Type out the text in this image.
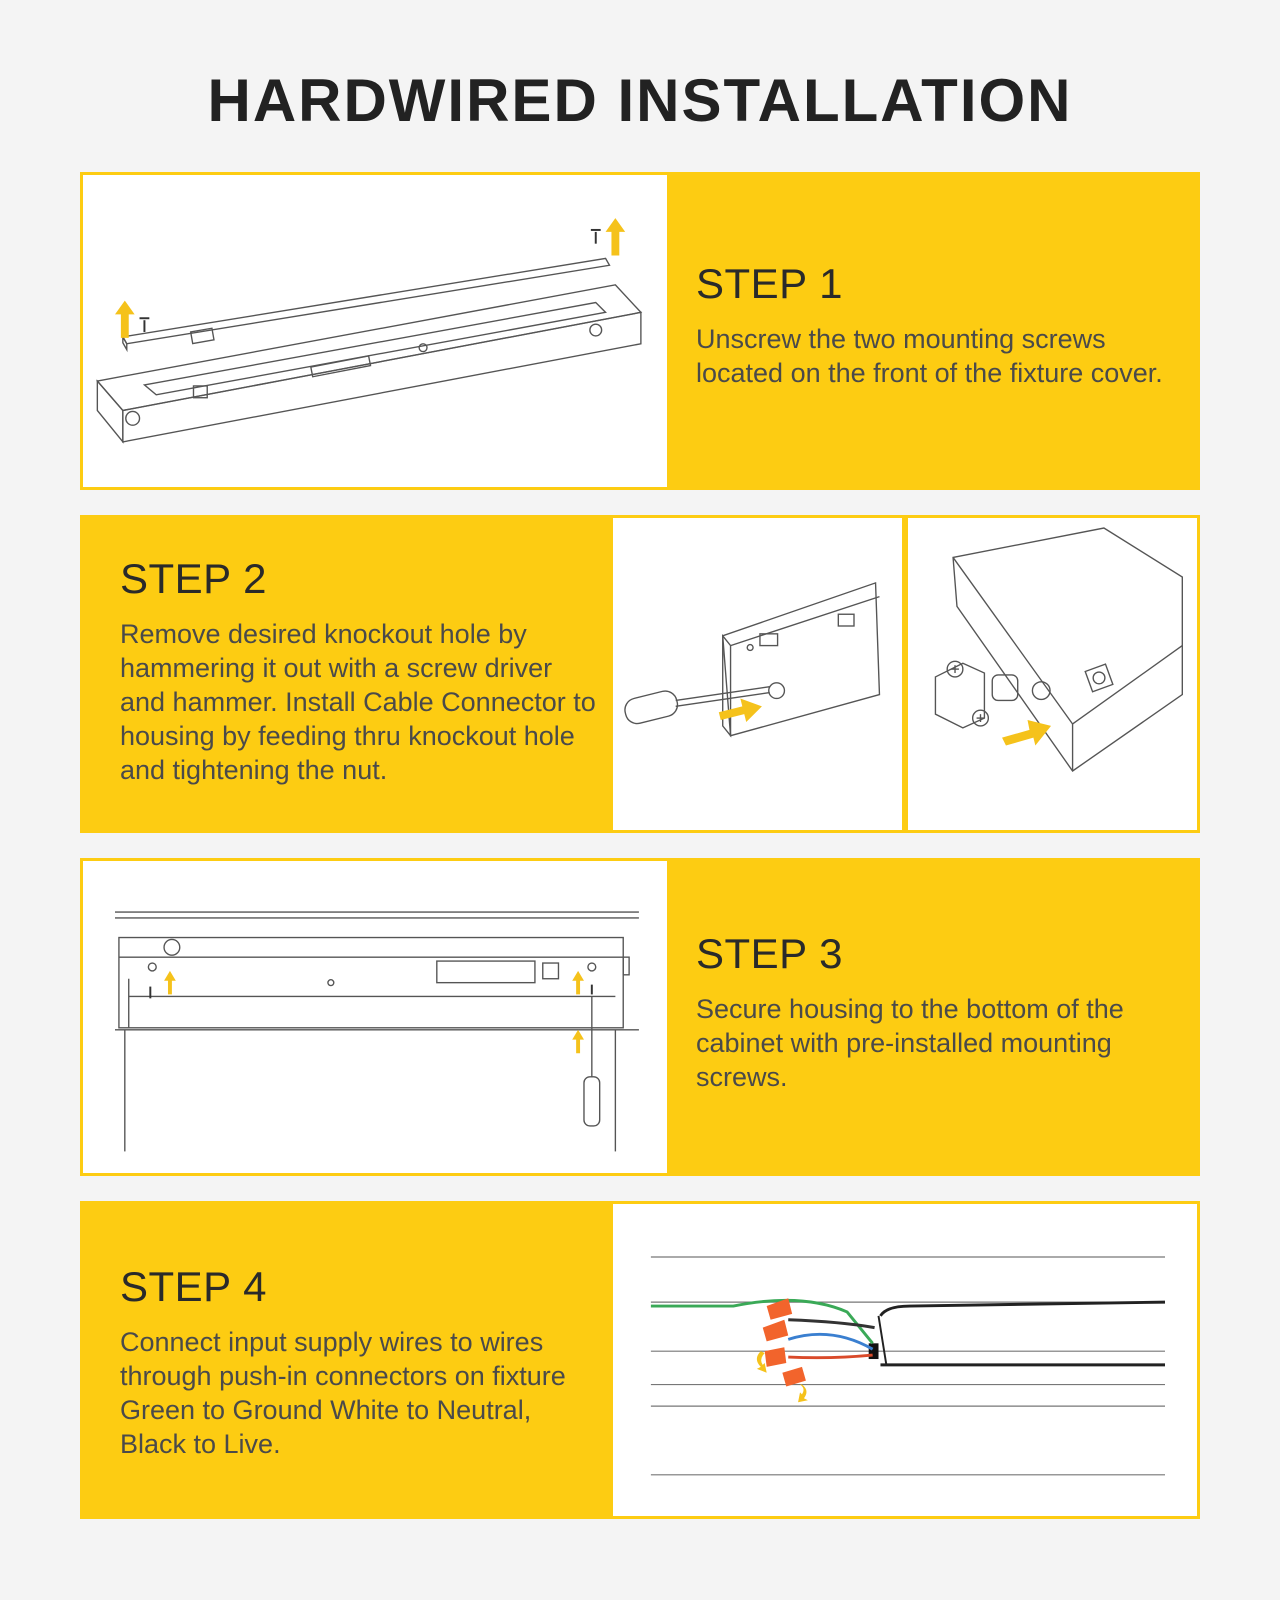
HARDWIRED INSTALLATION
STEP 1

Unscrew the two mounting screws located on the front of the fixture cover.

STEP 2

Remove desired knockout hole by hammering it out with a screw driver and hammer. Install Cable Connector to housing by feeding thru knockout hole and tightening the nut.

STEP 3

Secure housing to the bottom of the cabinet with pre-installed mounting screws.

STEP 4

Connect input supply wires to wires through push-in connectors on fixture Green to Ground White to Neutral, Black to Live.
